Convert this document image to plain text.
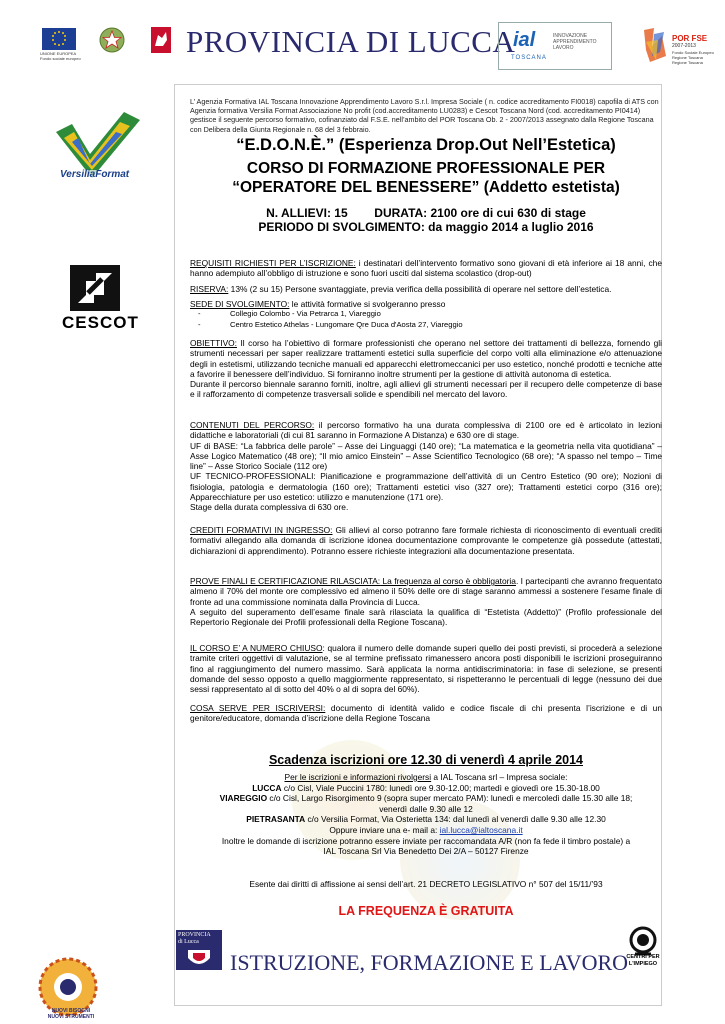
UNIONE EUROPEA
Fondo sociale europeo	PROVINCIA DI LUCCA
ial	INNOVAZIONE
APPRENDIMENTO
LAVORO
TOSCANA
POR FSE
2007-2013
Fondo Sociale Europeo
Regione Toscana
Regione Toscana
VersiliaFormat
CESCOT
L’ Agenzia Formativa IAL Toscana Innovazione Apprendimento Lavoro S.r.l. Impresa Sociale ( n. codice accreditamento FI0018) capofila di ATS con Agenzia formativa Versilia Format Associazione No profit (cod.accreditamento LU0283) e Cescot Toscana Nord (cod. accreditamento PI0414) gestisce il seguente percorso formativo, cofinanziato dal F.S.E. nell’ambito del POR Toscana Ob. 2 - 2007/2013 assegnato dalla Regione Toscana con Delibera della Giunta Regionale n. 68 del 3 febbraio.
“E.D.O.N.È.” (Esperienza Drop.Out Nell’Estetica)
CORSO DI FORMAZIONE PROFESSIONALE PER
“OPERATORE DEL BENESSERE” (Addetto estetista)
N. ALLIEVI: 15        DURATA: 2100 ore di cui 630 di stage
PERIODO DI SVOLGIMENTO: da maggio 2014 a luglio 2016

REQUISITI RICHIESTI PER L’ISCRIZIONE: i destinatari dell’intervento formativo sono giovani di età inferiore ai 18 anni, che hanno adempiuto all’obbligo di istruzione e sono fuori usciti dal sistema scolastico (drop-out)

RISERVA: 13% (2 su 15) Persone svantaggiate, previa verifica della possibilità di operare nel settore dell’estetica.

SEDE DI SVOLGIMENTO: le attività formative si svolgeranno presso

- Collegio Colombo - Via Petrarca 1, Viareggio

- Centro Estetico Athelas - Lungomare Qre Duca d'Aosta 27, Viareggio

OBIETTIVO: Il corso ha l’obiettivo di formare professionisti che operano nel settore dei trattamenti di bellezza, fornendo gli strumenti necessari per saper realizzare trattamenti estetici sulla superficie del corpo volti alla eliminazione e/o attenuazione degli in estetismi, utilizzando tecniche manuali ed apparecchi elettromeccanici per uso estetico, nonché prodotti e tecniche atte a favorire il benessere dell’individuo. Si forniranno inoltre strumenti per la gestione di attività autonoma di estetica.

Durante il percorso biennale saranno forniti, inoltre, agli allievi gli strumenti necessari per il recupero delle competenze di base e il rafforzamento di competenze trasversali solide e spendibili nel mercato del lavoro.

CONTENUTI DEL PERCORSO: il percorso formativo ha una durata complessiva di 2100 ore ed è articolato in lezioni didattiche e laboratoriali (di cui 81 saranno in Formazione A Distanza) e 630 ore di stage.

UF di BASE: “La fabbrica delle parole” – Asse dei Linguaggi (140 ore); “La matematica e la geometria nella vita quotidiana” – Asse Logico Matematico (48 ore); “Il mio amico Einstein” – Asse Scientifico Tecnologico (68 ore); “A spasso nel tempo – Time line” – Asse Storico Sociale (112 ore)

UF TECNICO-PROFESSIONALI: Pianificazione e programmazione dell’attività di un Centro Estetico (90 ore); Nozioni di fisiologia, patologia e dermatologia (160 ore); Trattamenti estetici viso (327 ore); Trattamenti estetici corpo (316 ore); Apparecchiature per uso estetico: utilizzo e manutenzione (171 ore).

Stage della durata complessiva di 630 ore.

CREDITI FORMATIVI IN INGRESSO: Gli allievi al corso potranno fare formale richiesta di riconoscimento di eventuali crediti formativi allegando alla domanda di iscrizione idonea documentazione comprovante le competenze già possedute (attestati, dichiarazioni di apprendimento). Potranno essere richieste integrazioni alla documentazione presentata.

PROVE FINALI E CERTIFICAZIONE RILASCIATA: La frequenza al corso è obbligatoria. I partecipanti che avranno frequentato almeno il 70% del monte ore complessivo ed almeno il 50% delle ore di stage saranno ammessi a sostenere l’esame finale di fronte ad una commissione nominata dalla Provincia di Lucca.

A seguito del superamento dell’esame finale sarà rilasciata la qualifica di “Estetista (Addetto)” (Profilo professionale del Repertorio Regionale dei Profili professionali della Regione Toscana).

IL CORSO E’ A NUMERO CHIUSO: qualora il numero delle domande superi quello dei posti previsti, si procederà a selezione tramite criteri oggettivi di valutazione, se al termine prefissato rimanessero ancora posti disponibili le iscrizioni proseguiranno fino al raggiungimento del numero massimo. Sarà applicata la norma antidiscriminatoria: in fase di selezione, se presenti domande del sesso opposto a quello maggiormente rappresentato, si rispetteranno le percentuali di legge (nessuno dei due sessi rappresentato al di sotto del 40% o al di sopra del 60%).

COSA SERVE PER ISCRIVERSI: documento di identità valido e codice fiscale di chi presenta l’iscrizione e di un genitore/educatore, domanda d’iscrizione della Regione Toscana

Scadenza iscrizioni ore 12.30 di venerdì 4 aprile 2014

Per le iscrizioni e informazioni rivolgersi a IAL Toscana srl – Impresa sociale:

LUCCA c/o Cisl, Viale Puccini 1780: lunedì ore 9.30-12.00; martedì e giovedì ore 15.30-18.00

VIAREGGIO c/o Cisl, Largo Risorgimento 9 (sopra super mercato PAM): lunedì e mercoledì dalle 15.30 alle 18;

venerdì dalle 9.30 alle 12

PIETRASANTA c/o Versilia Format, Via Osterietta 134: dal lunedì al venerdì dalle 9.30 alle 12.30

Oppure inviare una e- mail a: ial.lucca@ialtoscana.it

Inoltre le domande di iscrizione potranno essere inviate per raccomandata A/R (non fa fede il timbro postale) a

IAL Toscana Srl Via Benedetto Dei 2/A – 50127 Firenze

Esente dai diritti di affissione ai sensi dell’art. 21 DECRETO LEGISLATIVO n° 507 del 15/11/’93
LA FREQUENZA È GRATUITA
NUOVI BISOGNI
NUOVI STRUMENTI
PROVINCIA
di Lucca
ISTRUZIONE, FORMAZIONE E LAVORO
CENTRI PER
L'IMPIEGO
